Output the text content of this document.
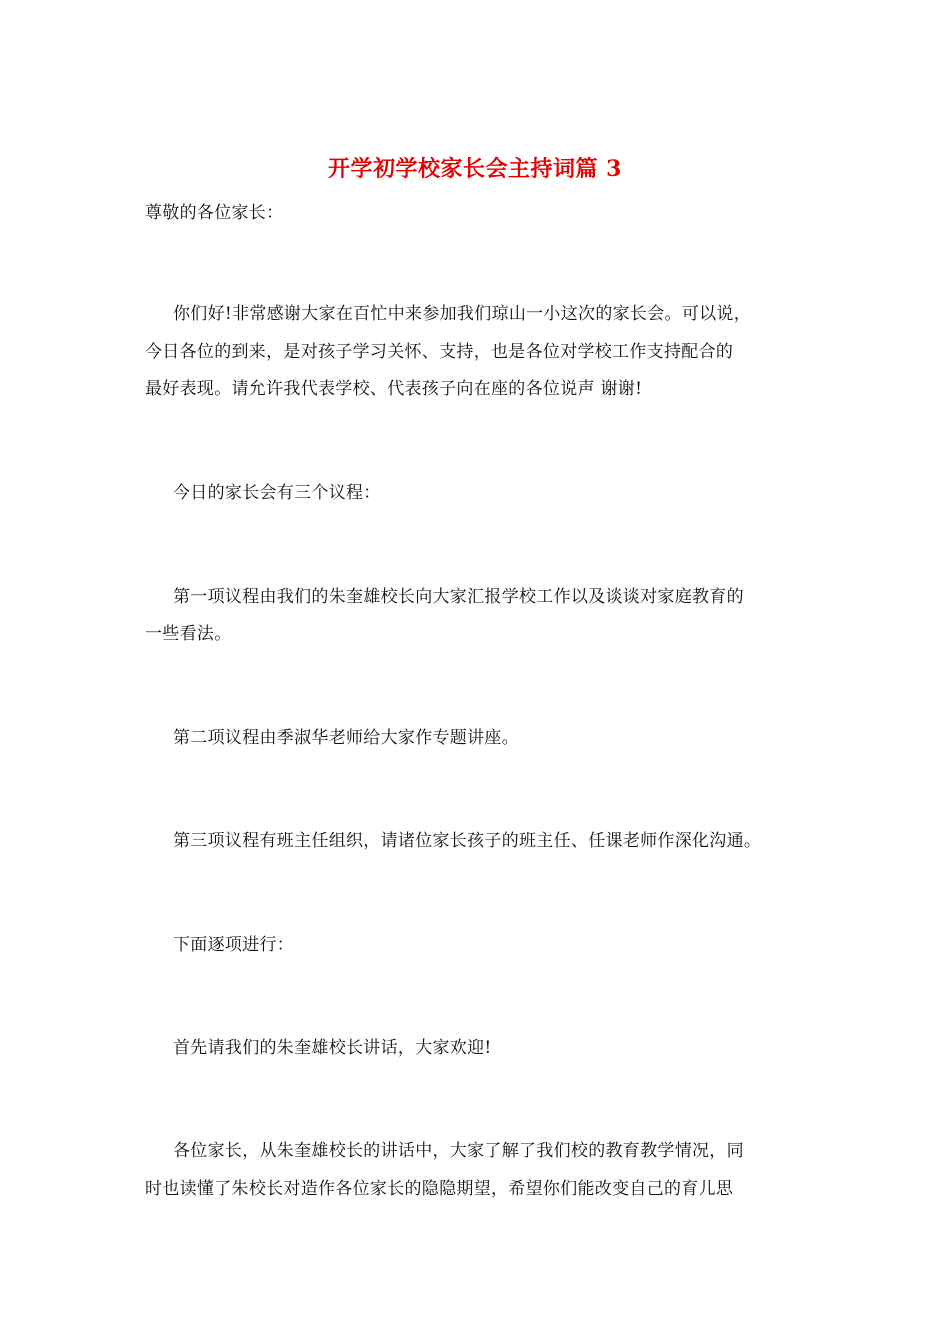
开学初学校家长会主持词篇 3
尊敬的各位家长：
你们好!非常感谢大家在百忙中来参加我们琼山一小这次的家长会。可以说，
今日各位的到来，是对孩子学习关怀、支持，也是各位对学校工作支持配合的
最好表现。请允许我代表学校、代表孩子向在座的各位说声 谢谢!
今日的家长会有三个议程：
第一项议程由我们的朱奎雄校长向大家汇报学校工作以及谈谈对家庭教育的
一些看法。
第二项议程由季淑华老师给大家作专题讲座。
第三项议程有班主任组织，请诸位家长孩子的班主任、任课老师作深化沟通。
下面逐项进行：
首先请我们的朱奎雄校长讲话，大家欢迎!
各位家长，从朱奎雄校长的讲话中，大家了解了我们校的教育教学情况，同
时也读懂了朱校长对造作各位家长的隐隐期望，希望你们能改变自己的育儿思
